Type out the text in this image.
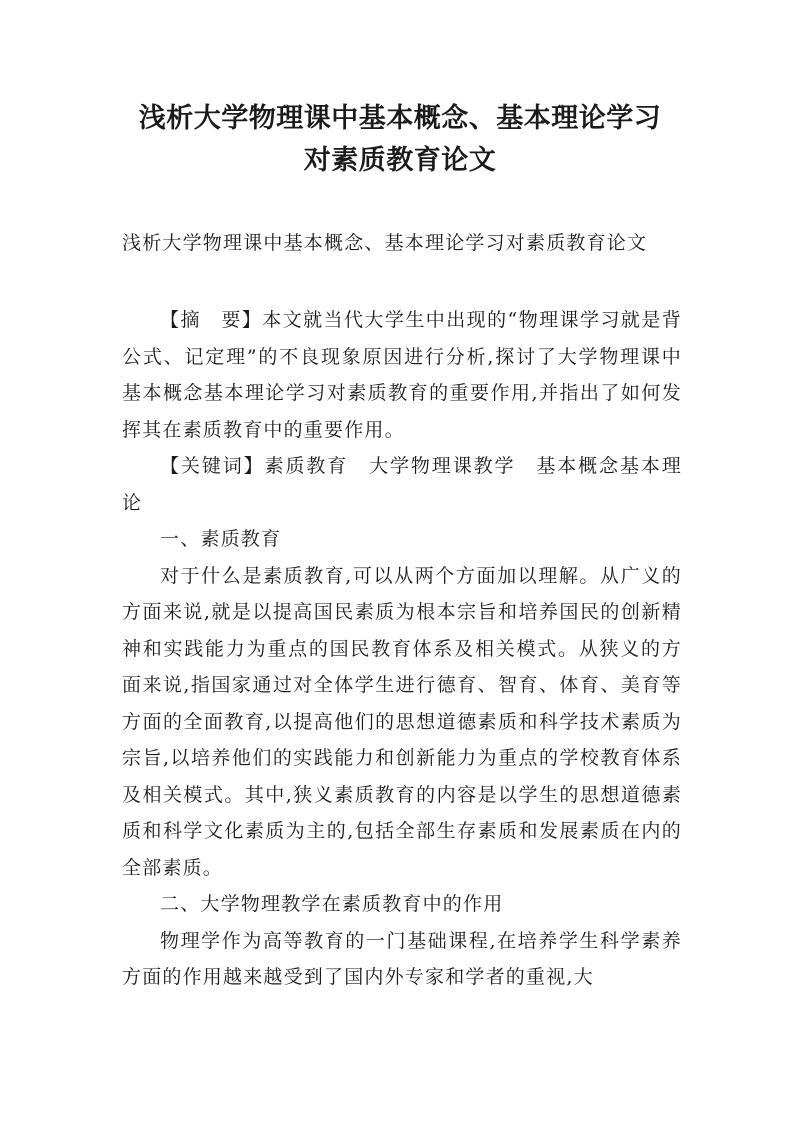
浅析大学物理课中基本概念、基本理论学习
对素质教育论文
浅析大学物理课中基本概念、基本理论学习对素质教育论文

【摘　要】本文就当代大学生中出现的“物理课学习就是背公式、记定理”的不良现象原因进行分析,探讨了大学物理课中基本概念基本理论学习对素质教育的重要作用,并指出了如何发挥其在素质教育中的重要作用。

【关键词】素质教育　大学物理课教学　基本概念基本理论

一、素质教育

对于什么是素质教育,可以从两个方面加以理解。从广义的方面来说,就是以提高国民素质为根本宗旨和培养国民的创新精神和实践能力为重点的国民教育体系及相关模式。从狭义的方面来说,指国家通过对全体学生进行德育、智育、体育、美育等方面的全面教育,以提高他们的思想道德素质和科学技术素质为宗旨,以培养他们的实践能力和创新能力为重点的学校教育体系及相关模式。其中,狭义素质教育的内容是以学生的思想道德素质和科学文化素质为主的,包括全部生存素质和发展素质在内的全部素质。

二、大学物理教学在素质教育中的作用

物理学作为高等教育的一门基础课程,在培养学生科学素养方面的作用越来越受到了国内外专家和学者的重视,大
